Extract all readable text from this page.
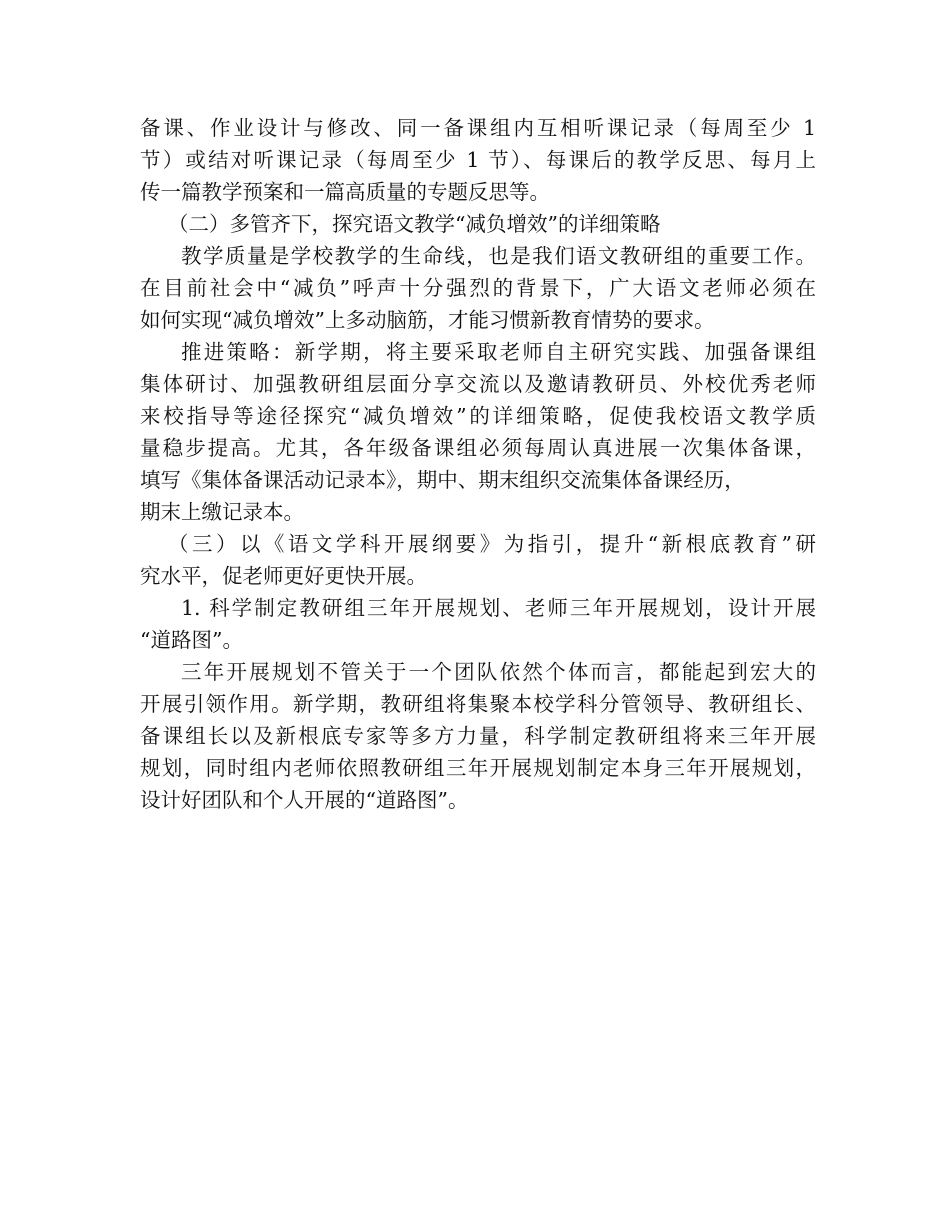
备课、作业设计与修改、同一备课组内互相听课记录（每周至少 1
节）或结对听课记录（每周至少 1 节）、每课后的教学反思、每月上
传一篇教学预案和一篇高质量的专题反思等。
（二）多管齐下，探究语文教学“减负增效”的详细策略
教学质量是学校教学的生命线，也是我们语文教研组的重要工作。
在目前社会中“减负”呼声十分强烈的背景下，广大语文老师必须在
如何实现“减负增效”上多动脑筋，才能习惯新教育情势的要求。
推进策略：新学期，将主要采取老师自主研究实践、加强备课组
集体研讨、加强教研组层面分享交流以及邀请教研员、外校优秀老师
来校指导等途径探究“减负增效”的详细策略，促使我校语文教学质
量稳步提高。尤其，各年级备课组必须每周认真进展一次集体备课，
填写《集体备课活动记录本》，期中、期末组织交流集体备课经历，
期末上缴记录本。
（三）以《语文学科开展纲要》为指引，提升“新根底教育”研
究水平，促老师更好更快开展。
1. 科学制定教研组三年开展规划、老师三年开展规划，设计开展
“道路图”。
三年开展规划不管关于一个团队依然个体而言，都能起到宏大的
开展引领作用。新学期，教研组将集聚本校学科分管领导、教研组长、
备课组长以及新根底专家等多方力量，科学制定教研组将来三年开展
规划，同时组内老师依照教研组三年开展规划制定本身三年开展规划，
设计好团队和个人开展的“道路图”。
